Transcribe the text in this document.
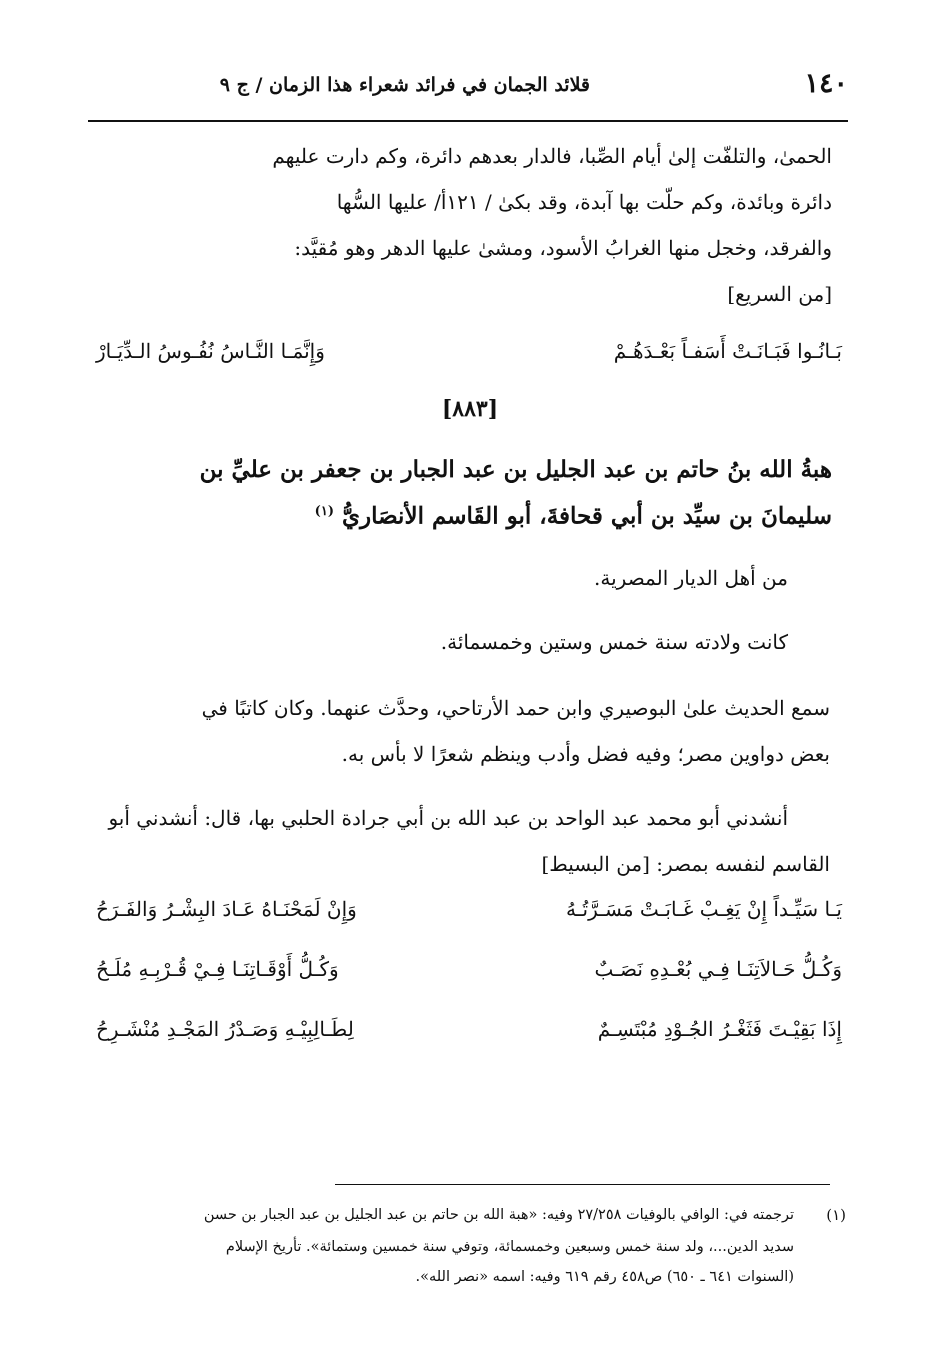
١٤٠
قلائد الجمان في فرائد شعراء هذا الزمان / ج ٩
الحمىٰ، والتلفّت إلىٰ أيام الصِّبا، فالدار بعدهم دائرة، وكم دارت عليهم
دائرة وبائدة، وكم حلّت بها آبدة، وقد بكىٰ / ١٢١أ/ عليها السُّها
والفرقد، وخجل منها الغرابُ الأسود، ومشىٰ عليها الدهر وهو مُقيَّد:
[من السريع]
بَـانُـوا فَبَـانَـتْ أَسَفـاً بَعْـدَهُـمْ
وَإِنَّمَـا النَّـاسُ نُفُـوسُ الـدِّيَـارْ
[٨٨٣]
هبةُ الله بنُ حاتم بن عبد الجليل بن عبد الجبار بن جعفر بن عليِّ بن
سليمانَ بن سيِّد بن أبي قحافةَ، أبو القَاسم الأنصَاريُّ $^{(١)}$
من أهل الديار المصرية.
كانت ولادته سنة خمس وستين وخمسمائة.
سمع الحديث علىٰ البوصيري وابن حمد الأرتاحي، وحدَّث عنهما. وكان كاتبًا في
بعض دواوين مصر؛ وفيه فضل وأدب وينظم شعرًا لا بأس به.
أنشدني أبو محمد عبد الواحد بن عبد الله بن أبي جرادة الحلبي بها، قال: أنشدني أبو
القاسم لنفسه بمصر: [من البسيط]
يَـا سَيِّـداً إِنْ يَغِـبْ غَـابَـتْ مَسَـرَّتُـهُ
وَإِنْ لَمَحْنَـاهُ عَـادَ البِشْـرُ وَالفَـرَحُ
وَكُـلُّ حَـالاَتِنَـا فِـي بُعْـدِهِ نَصَـبٌ
وَكُـلُّ أَوْقَـاتِنَـا فِـيْ قُـرْبِـهِ مُلَـحُ
إِذَا بَقِيْـتَ فَثَغْـرُ الجُـوْدِ مُبْتَسِـمٌ
لِطَـالِبِيْـهِ وَصَـدْرُ المَجْـدِ مُنْشَـرِحُ
(١)
ترجمته في: الوافي بالوفيات ٢٧/٢٥٨ وفيه: «هبة الله بن حاتم بن عبد الجليل بن عبد الجبار بن حسن
سديد الدين...، ولد سنة خمس وسبعين وخمسمائة، وتوفي سنة خمسين وستمائة». تأريخ الإسلام
(السنوات ٦٤١ ـ ٦٥٠) ص٤٥٨ رقم ٦١٩ وفيه: اسمه «نصر الله».
